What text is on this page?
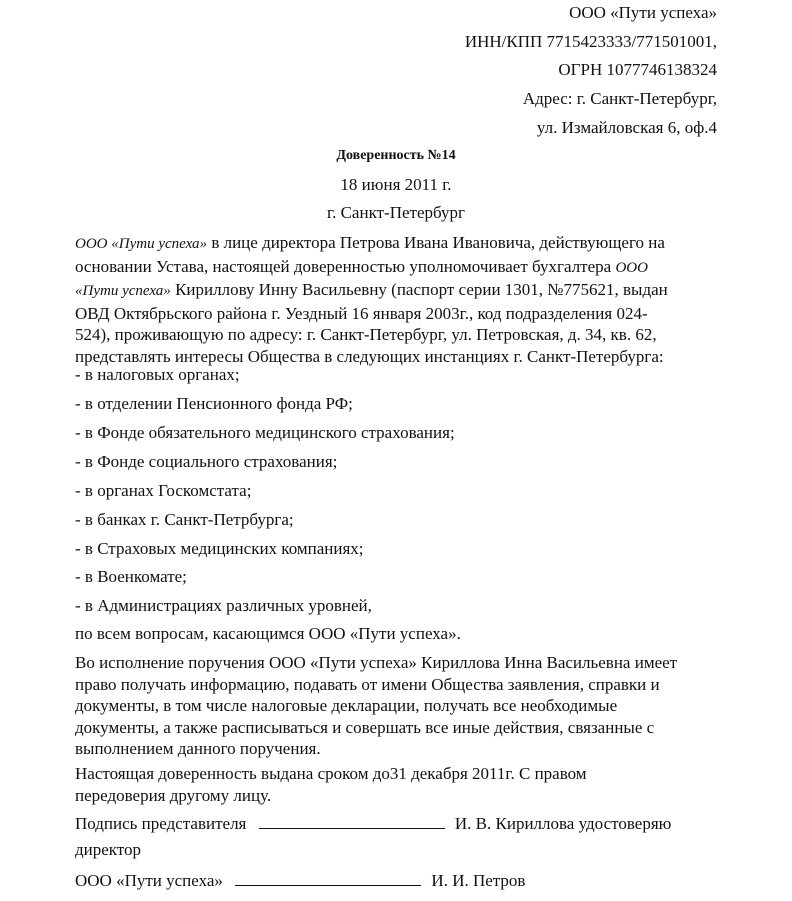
ООО «Пути успеха»
ИНН/КПП 7715423333/771501001,
ОГРН 1077746138324
Адрес: г. Санкт-Петербург,
ул. Измайловская 6, оф.4
Доверенность №14
18 июня 2011 г.
г. Санкт-Петербург
ООО «Пути успеха» в лице директора Петрова Ивана Ивановича, действующего на
основании Устава, настоящей доверенностью уполномочивает бухгалтера ООО
«Пути успеха» Кириллову Инну Васильевну (паспорт серии 1301, №775621, выдан
ОВД Октябрьского района г. Уездный 16 января 2003г., код подразделения 024-
524), проживающую по адресу: г. Санкт-Петербург, ул. Петровская, д. 34, кв. 62,
представлять интересы Общества в следующих инстанциях г. Санкт-Петербурга:
- в налоговых органах;
- в отделении Пенсионного фонда РФ;
- в Фонде обязательного медицинского страхования;
- в Фонде социального страхования;
- в органах Госкомстата;
- в банках г. Санкт-Петрбурга;
- в Страховых медицинских компаниях;
- в Военкомате;
- в Администрациях различных уровней,
по всем вопросам, касающимся ООО «Пути успеха».
Во исполнение поручения ООО «Пути успеха» Кириллова Инна Васильевна имеет
право получать информацию, подавать от имени Общества заявления, справки и
документы, в том числе налоговые декларации, получать все необходимые
документы, а также расписываться и совершать все иные действия, связанные с
выполнением данного поручения.
Настоящая доверенность выдана сроком до31 декабря 2011г. С правом
передоверия другому лицу.
Подпись представителя	И. В. Кириллова удостоверяю
директор
ООО «Пути успеха»	И. И. Петров
